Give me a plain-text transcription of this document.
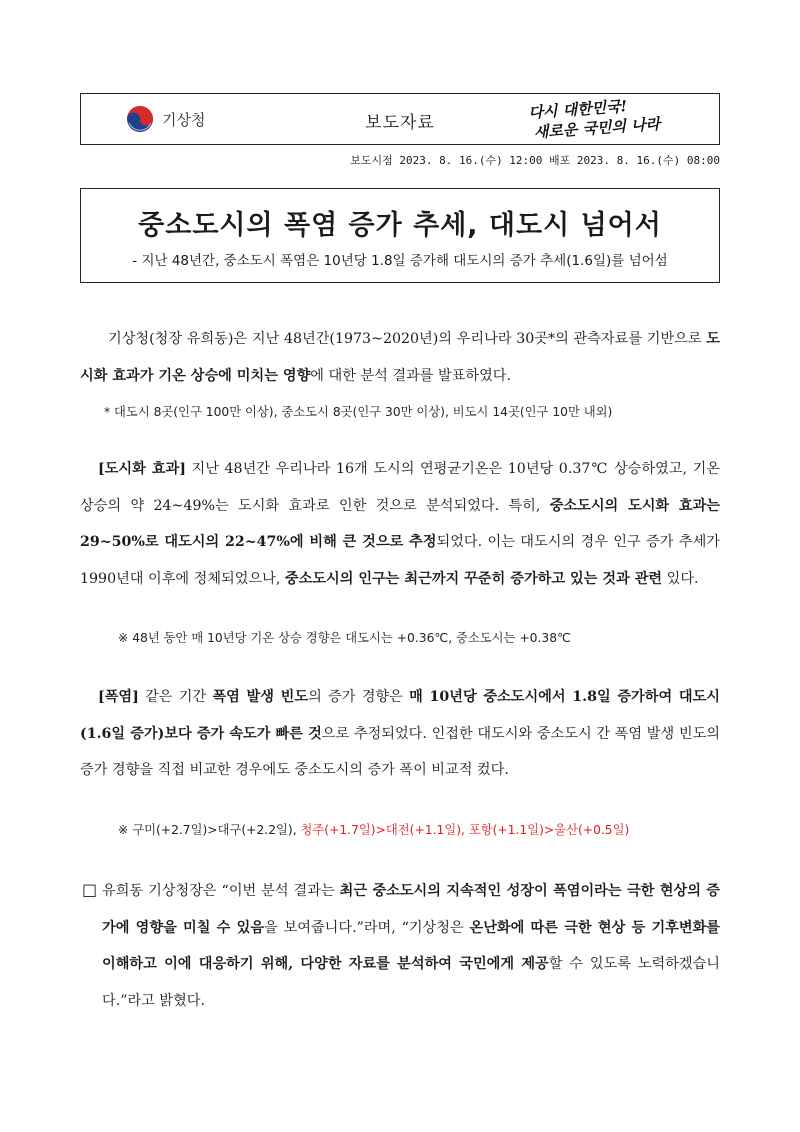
기상청	보도자료
다시 대한민국!
새로운 국민의 나라
보도시점 2023. 8. 16.(수) 12:00 배포 2023. 8. 16.(수) 08:00
중소도시의 폭염 증가 추세, 대도시 넘어서
- 지난 48년간, 중소도시 폭염은 10년당 1.8일 증가해 대도시의 증가 추세(1.6일)를 넘어섬
기상청(청장 유희동)은 지난 48년간(1973~2020년)의 우리나라 30곳*의 관측자료를 기반으로 도시화 효과가 기온 상승에 미치는 영향에 대한 분석 결과를 발표하였다.
* 대도시 8곳(인구 100만 이상), 중소도시 8곳(인구 30만 이상), 비도시 14곳(인구 10만 내외)
[도시화 효과] 지난 48년간 우리나라 16개 도시의 연평균기온은 10년당 0.37℃ 상승하였고, 기온 상승의 약 24~49%는 도시화 효과로 인한 것으로 분석되었다. 특히, 중소도시의 도시화 효과는 29~50%로 대도시의 22~47%에 비해 큰 것으로 추정되었다. 이는 대도시의 경우 인구 증가 추세가 1990년대 이후에 정체되었으나, 중소도시의 인구는 최근까지 꾸준히 증가하고 있는 것과 관련 있다.
※ 48년 동안 매 10년당 기온 상승 경향은 대도시는 +0.36℃, 중소도시는 +0.38℃
[폭염] 같은 기간 폭염 발생 빈도의 증가 경향은 매 10년당 중소도시에서 1.8일 증가하여 대도시(1.6일 증가)보다 증가 속도가 빠른 것으로 추정되었다. 인접한 대도시와 중소도시 간 폭염 발생 빈도의 증가 경향을 직접 비교한 경우에도 중소도시의 증가 폭이 비교적 컸다.
※ 구미(+2.7일)>대구(+2.2일), 청주(+1.7일)>대전(+1.1일), 포항(+1.1일)>울산(+0.5일)
□ 유희동 기상청장은 “이번 분석 결과는 최근 중소도시의 지속적인 성장이 폭염이라는 극한 현상의 증가에 영향을 미칠 수 있음을 보여줍니다.”라며, “기상청은 온난화에 따른 극한 현상 등 기후변화를 이해하고 이에 대응하기 위해, 다양한 자료를 분석하여 국민에게 제공할 수 있도록 노력하겠습니다.”라고 밝혔다.
